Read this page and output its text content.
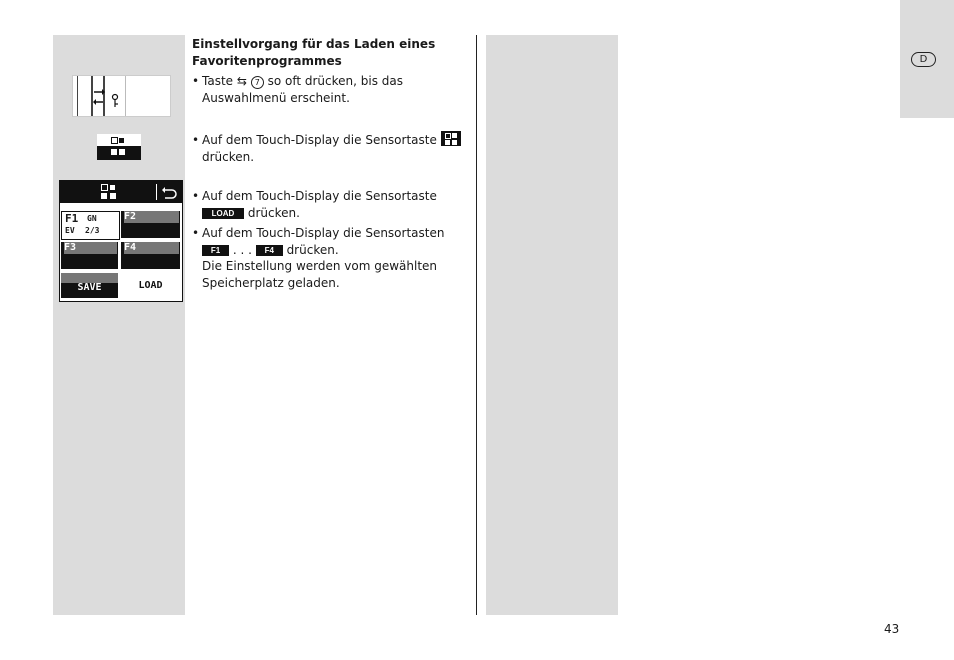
D
F1 GN
EV 2/3
F2
F3	F4
SAVE	LOAD
Einstellvorgang für das Laden eines
Favoritenprogrammes
• Taste ⇆ 7 so oft drücken, bis das
Auswahlmenü erscheint.
• Auf dem Touch-Display die Sensortaste
drücken.
• Auf dem Touch-Display die Sensortaste
LOAD drücken.
• Auf dem Touch-Display die Sensortasten
F1 . . . F4 drücken.
Die Einstellung werden vom gewählten
Speicherplatz geladen.
43
